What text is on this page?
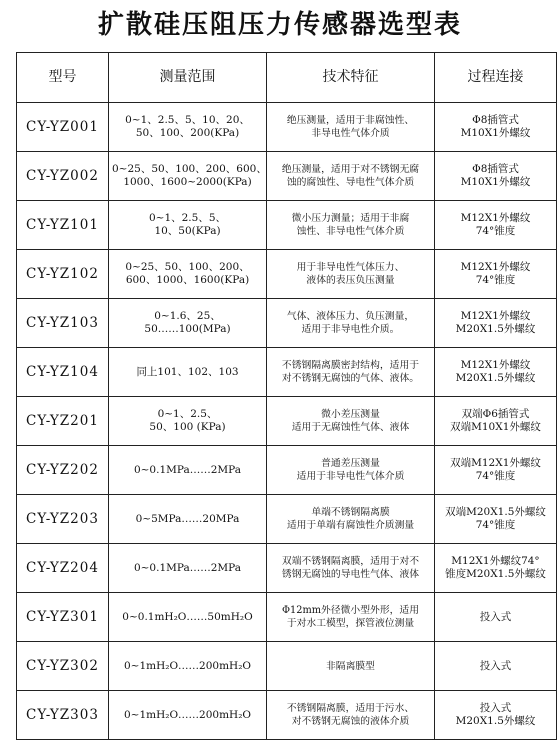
扩散硅压阻压力传感器选型表
型号	测量范围	技术特征	过程连接
CY-YZ001	0~1、2.5、5、10、20、
50、100、200(KPa)	绝压测量，适用于非腐蚀性、
非导电性气体介质	Φ8插管式
M10X1外螺纹

CY-YZ002	0~25、50、100、200、600、
1000、1600~2000(KPa)	绝压测量，适用于对不锈钢无腐
蚀的腐蚀性、导电性气体介质	Φ8插管式
M10X1外螺纹

CY-YZ101	0~1、2.5、5、
10、50(KPa)	微小压力测量；适用于非腐
蚀性、非导电性气体介质	M12X1外螺纹
74°锥度

CY-YZ102	0~25、50、100、200、
600、1000、1600(KPa)	用于非导电性气体压力、
液体的表压负压测量	M12X1外螺纹
74°锥度

CY-YZ103	0~1.6、25、
50……100(MPa)	气体、液体压力、负压测量，
适用于非导电性介质。	M12X1外螺纹
M20X1.5外螺纹

CY-YZ104	同上101、102、103	不锈钢隔离膜密封结构，适用于
对不锈钢无腐蚀的气体、液体。	M12X1外螺纹
M20X1.5外螺纹

CY-YZ201	0~1、2.5、
50、100 (KPa)	微小差压测量
适用于无腐蚀性气体、液体	双端Φ6插管式
双端M10X1外螺纹

CY-YZ202	0~0.1MPa……2MPa	普通差压测量
适用于非导电性气体介质	双端M12X1外螺纹
74°锥度

CY-YZ203	0~5MPa……20MPa	单端不锈钢隔离膜
适用于单端有腐蚀性介质测量	双端M20X1.5外螺纹
74°锥度

CY-YZ204	0~0.1MPa……2MPa	双端不锈钢隔离膜，适用于对不
锈钢无腐蚀的导电性气体、液体	M12X1外螺纹74°
锥度M20X1.5外螺纹

CY-YZ301	0~0.1mH₂O……50mH₂O	Φ12mm外径微小型外形，适用
于对水工模型，探管液位测量	投入式

CY-YZ302	0~1mH₂O……200mH₂O	非隔离膜型	投入式

CY-YZ303	0~1mH₂O……200mH₂O	不锈钢隔离膜，适用于污水、
对不锈钢无腐蚀的液体介质	投入式
M20X1.5外螺纹
